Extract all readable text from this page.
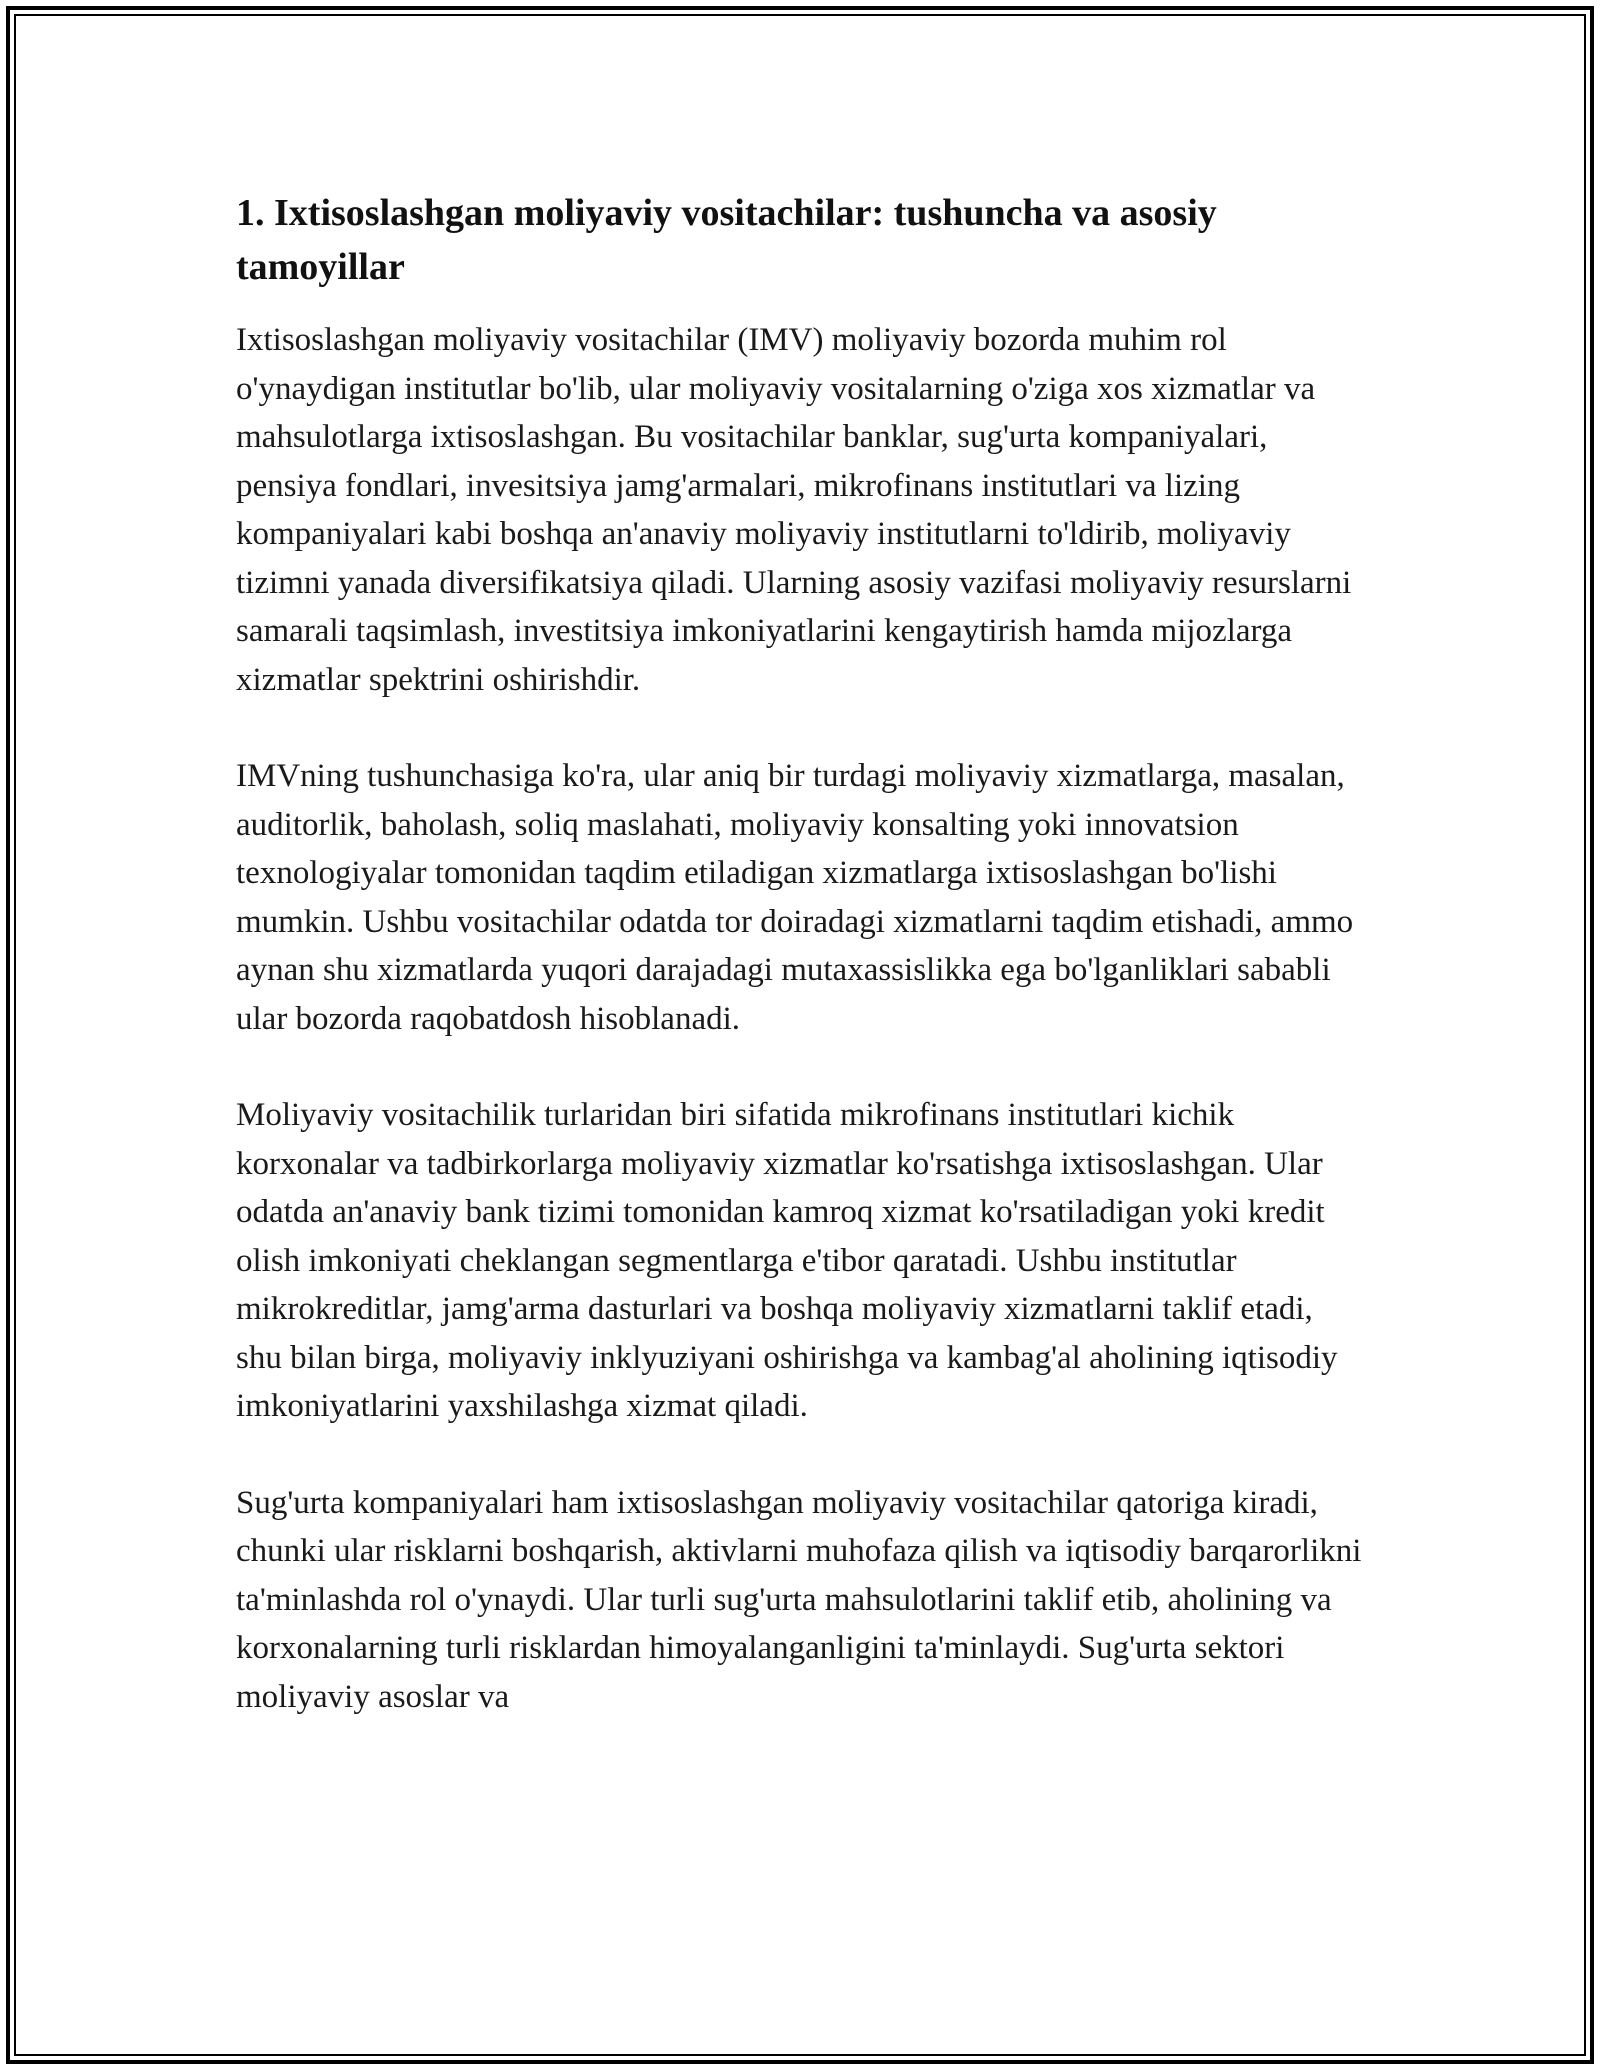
1. Ixtisoslashgan moliyaviy vositachilar: tushuncha va asosiy tamoyillar

Ixtisoslashgan moliyaviy vositachilar (IMV) moliyaviy bozorda muhim rol o'ynaydigan institutlar bo'lib, ular moliyaviy vositalarning o'ziga xos xizmatlar va mahsulotlarga ixtisoslashgan. Bu vositachilar banklar, sug'urta kompaniyalari, pensiya fondlari, invesitsiya jamg'armalari, mikrofinans institutlari va lizing kompaniyalari kabi boshqa an'anaviy moliyaviy institutlarni to'ldirib, moliyaviy tizimni yanada diversifikatsiya qiladi. Ularning asosiy vazifasi moliyaviy resurslarni samarali taqsimlash, investitsiya imkoniyatlarini kengaytirish hamda mijozlarga xizmatlar spektrini oshirishdir.

IMVning tushunchasiga ko'ra, ular aniq bir turdagi moliyaviy xizmatlarga, masalan, auditorlik, baholash, soliq maslahati, moliyaviy konsalting yoki innovatsion texnologiyalar tomonidan taqdim etiladigan xizmatlarga ixtisoslashgan bo'lishi mumkin. Ushbu vositachilar odatda tor doiradagi xizmatlarni taqdim etishadi, ammo aynan shu xizmatlarda yuqori darajadagi mutaxassislikka ega bo'lganliklari sababli ular bozorda raqobatdosh hisoblanadi.

Moliyaviy vositachilik turlaridan biri sifatida mikrofinans institutlari kichik korxonalar va tadbirkorlarga moliyaviy xizmatlar ko'rsatishga ixtisoslashgan. Ular odatda an'anaviy bank tizimi tomonidan kamroq xizmat ko'rsatiladigan yoki kredit olish imkoniyati cheklangan segmentlarga e'tibor qaratadi. Ushbu institutlar mikrokreditlar, jamg'arma dasturlari va boshqa moliyaviy xizmatlarni taklif etadi, shu bilan birga, moliyaviy inklyuziyani oshirishga va kambag'al aholining iqtisodiy imkoniyatlarini yaxshilashga xizmat qiladi.

Sug'urta kompaniyalari ham ixtisoslashgan moliyaviy vositachilar qatoriga kiradi, chunki ular risklarni boshqarish, aktivlarni muhofaza qilish va iqtisodiy barqarorlikni ta'minlashda rol o'ynaydi. Ular turli sug'urta mahsulotlarini taklif etib, aholining va korxonalarning turli risklardan himoyalanganligini ta'minlaydi. Sug'urta sektori moliyaviy asoslar va
